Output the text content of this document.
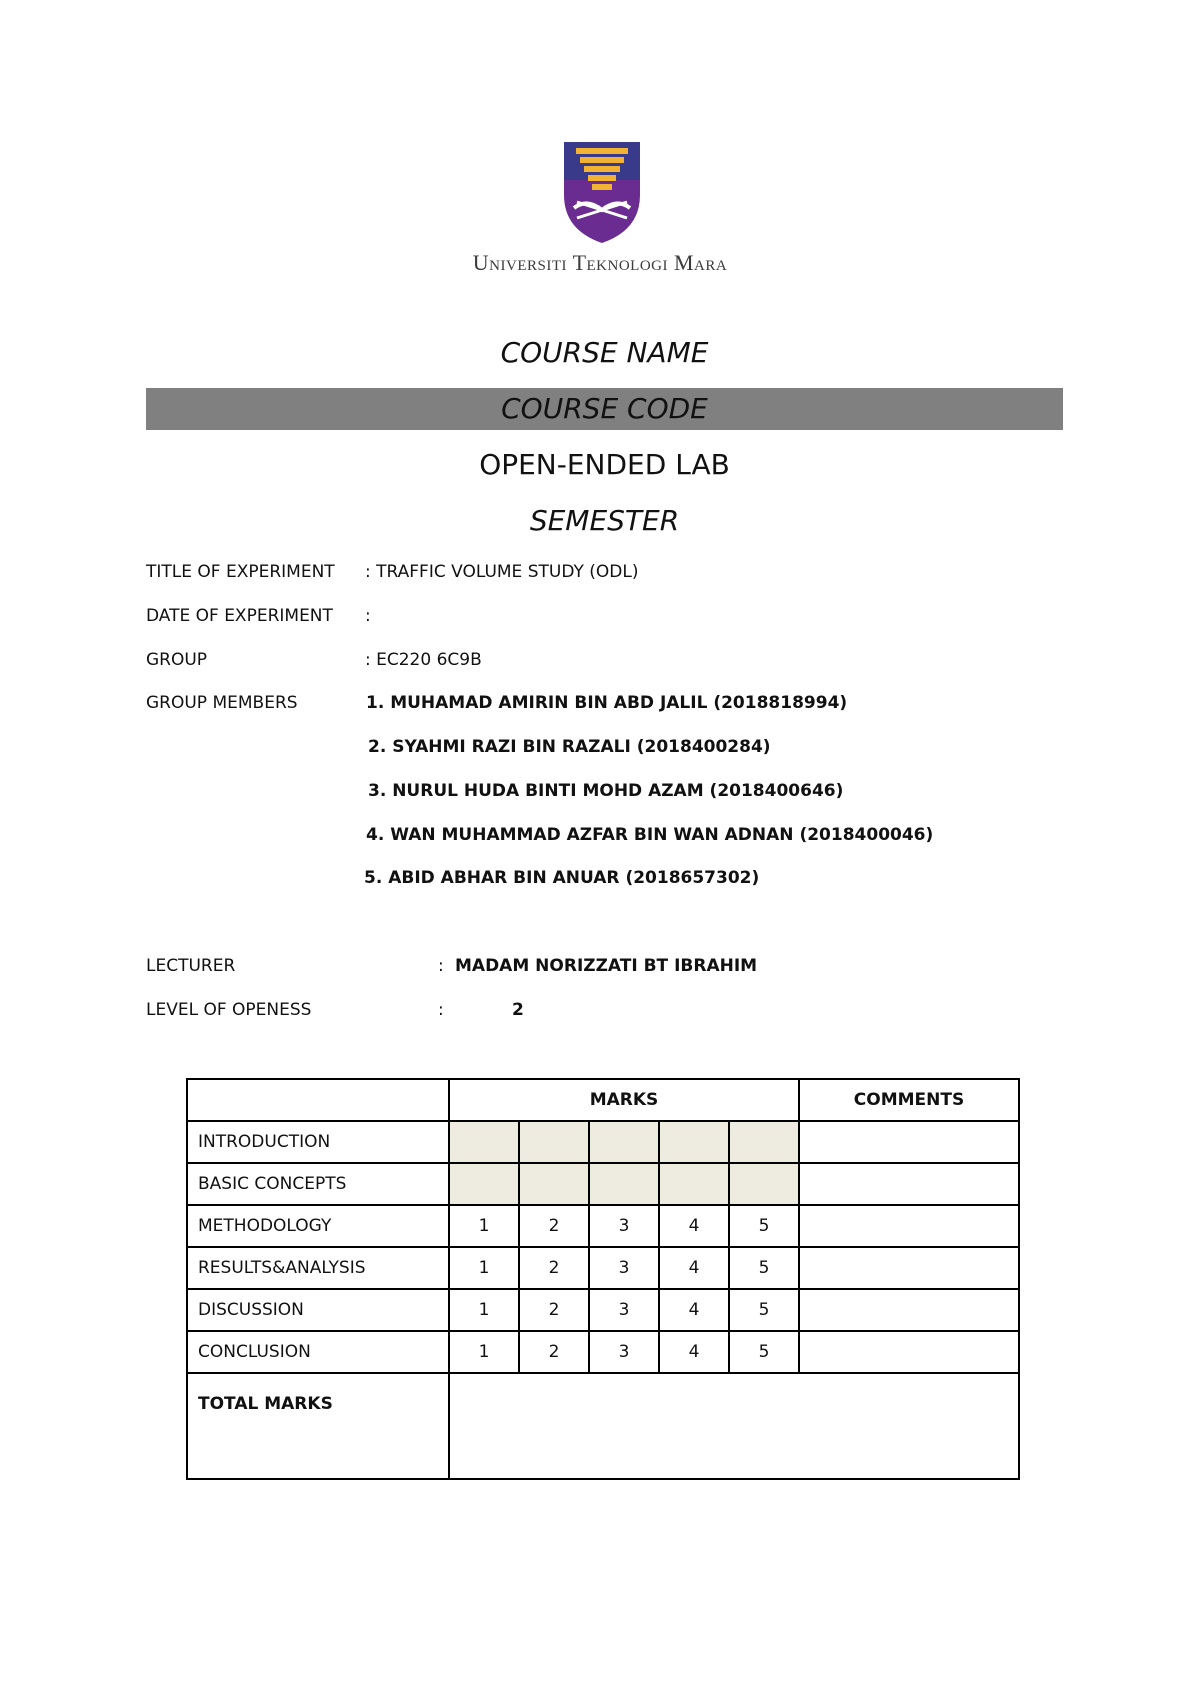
Universiti Teknologi Mara
COURSE NAME
COURSE CODE
OPEN-ENDED LAB
SEMESTER
TITLE OF EXPERIMENT : TRAFFIC VOLUME STUDY (ODL)
DATE OF EXPERIMENT :
GROUP	: EC220 6C9B
GROUP MEMBERS	1. MUHAMAD AMIRIN BIN ABD JALIL (2018818994)
2. SYAHMI RAZI BIN RAZALI (2018400284)
3. NURUL HUDA BINTI MOHD AZAM (2018400646)
4. WAN MUHAMMAD AZFAR BIN WAN ADNAN (2018400046)
5. ABID ABHAR BIN ANUAR (2018657302)
LECTURER	: MADAM NORIZZATI BT IBRAHIM
LEVEL OF OPENESS	:	2
	MARKS					COMMENTS
INTRODUCTION						
BASIC CONCEPTS						
METHODOLOGY	1	2	3	4	5	
RESULTS&ANALYSIS	1	2	3	4	5	
DISCUSSION	1	2	3	4	5	
CONCLUSION	1	2	3	4	5	
TOTAL MARKS						
